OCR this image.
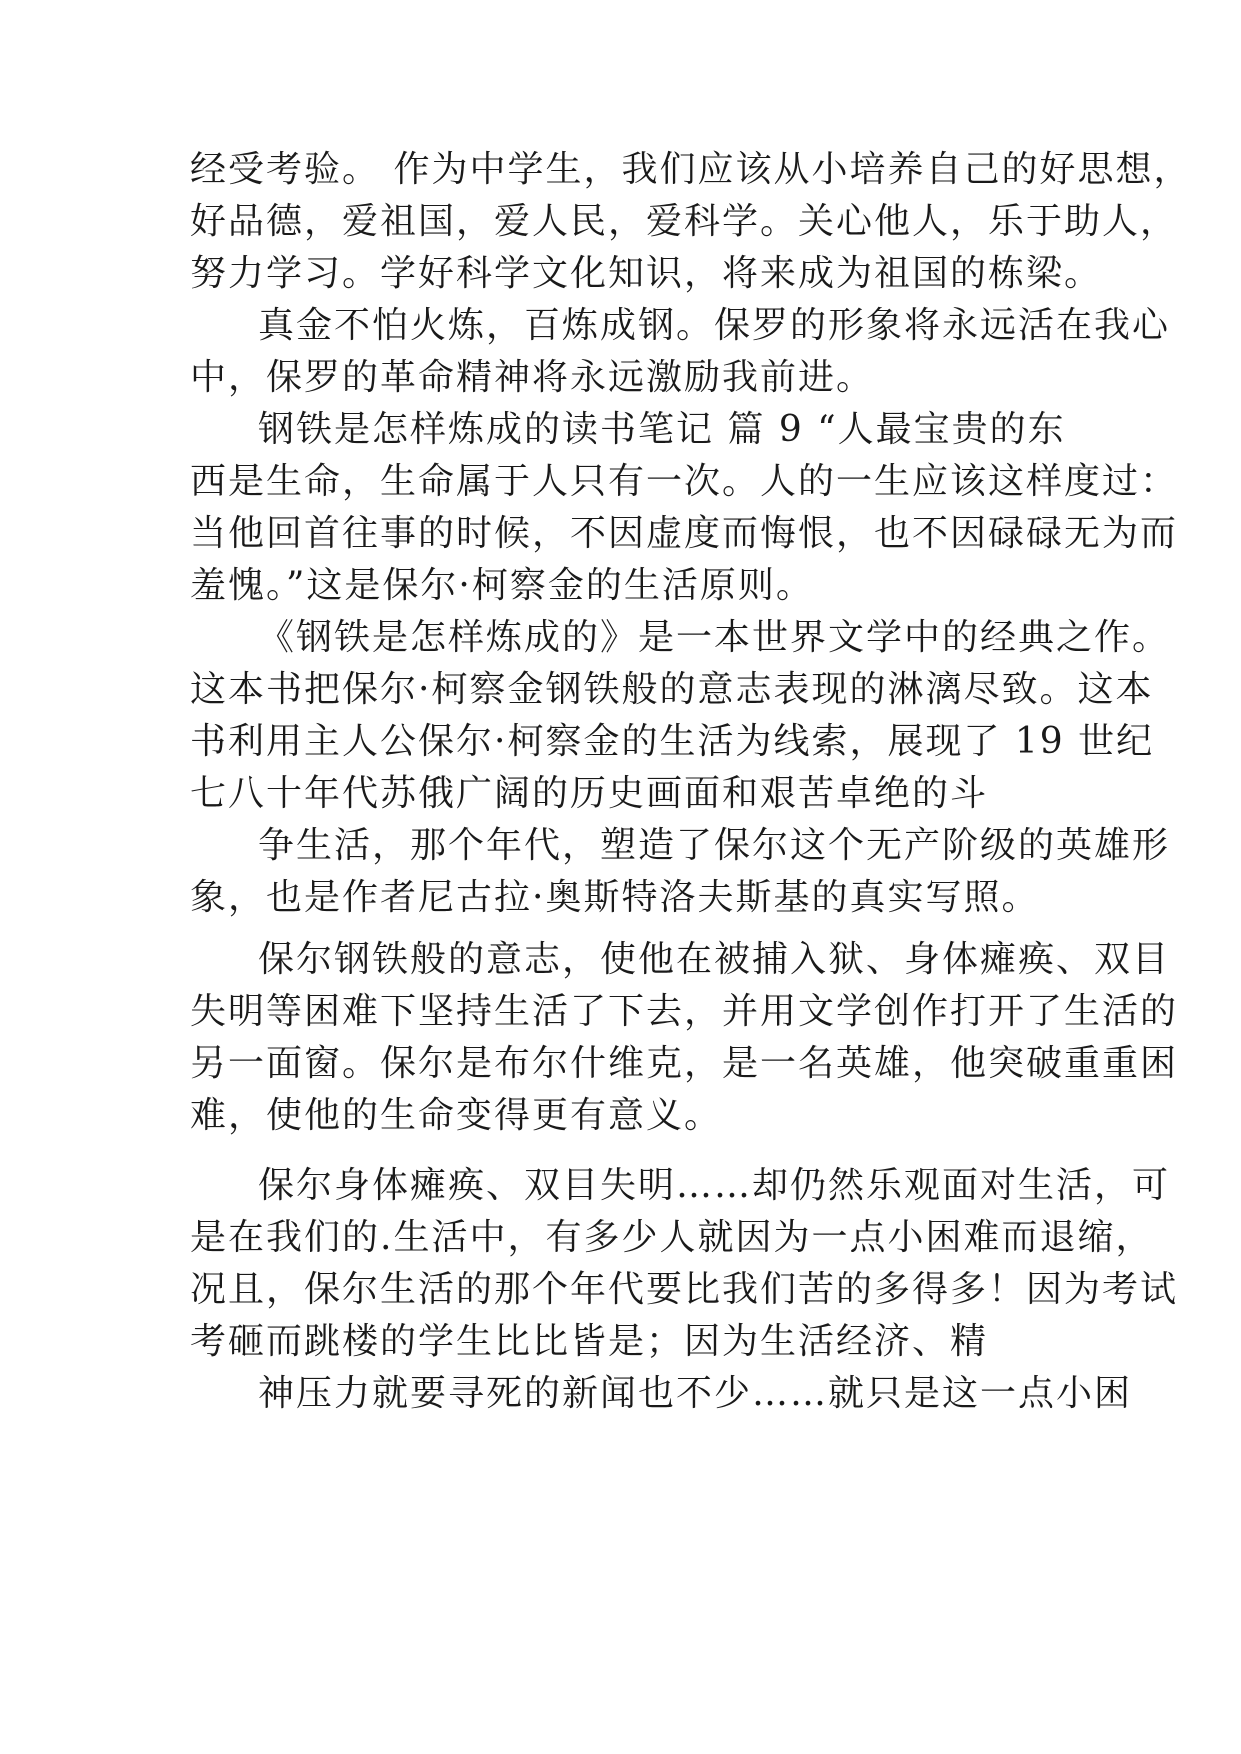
经受考验。 作为中学生，我们应该从小培养自己的好思想，
好品德，爱祖国，爱人民，爱科学。关心他人，乐于助人，
努力学习。学好科学文化知识，将来成为祖国的栋梁。
真金不怕火炼，百炼成钢。保罗的形象将永远活在我心
中，保罗的革命精神将永远激励我前进。
钢铁是怎样炼成的读书笔记 篇 9 “人最宝贵的东
西是生命，生命属于人只有一次。人的一生应该这样度过：
当他回首往事的时候，不因虚度而悔恨，也不因碌碌无为而
羞愧。”这是保尔·柯察金的生活原则。
《钢铁是怎样炼成的》是一本世界文学中的经典之作。
这本书把保尔·柯察金钢铁般的意志表现的淋漓尽致。这本
书利用主人公保尔·柯察金的生活为线索，展现了 19 世纪
七八十年代苏俄广阔的历史画面和艰苦卓绝的斗
争生活，那个年代，塑造了保尔这个无产阶级的英雄形
象，也是作者尼古拉·奥斯特洛夫斯基的真实写照。
保尔钢铁般的意志，使他在被捕入狱、身体瘫痪、双目
失明等困难下坚持生活了下去，并用文学创作打开了生活的
另一面窗。保尔是布尔什维克，是一名英雄，他突破重重困
难，使他的生命变得更有意义。
保尔身体瘫痪、双目失明……却仍然乐观面对生活，可
是在我们的.生活中，有多少人就因为一点小困难而退缩，
况且，保尔生活的那个年代要比我们苦的多得多！因为考试
考砸而跳楼的学生比比皆是；因为生活经济、精
神压力就要寻死的新闻也不少……就只是这一点小困
